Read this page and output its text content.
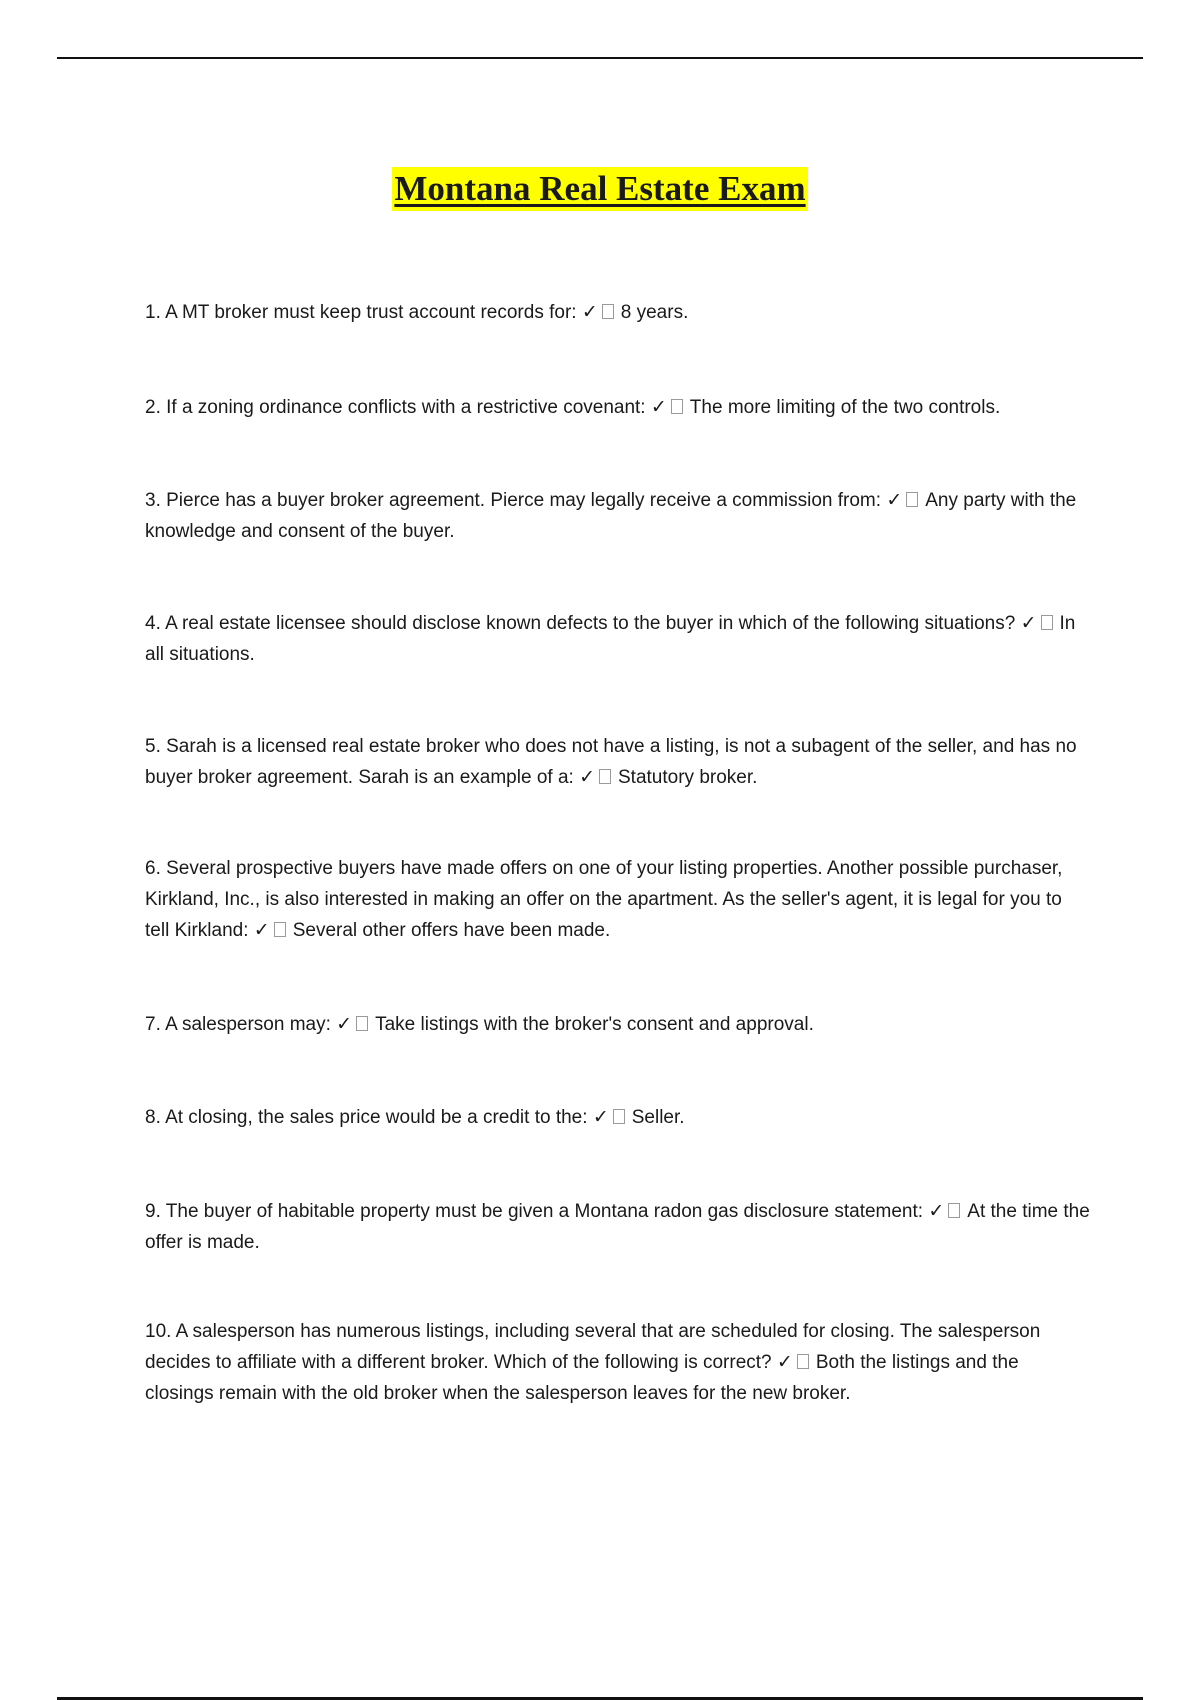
Montana Real Estate Exam

1. A MT broker must keep trust account records for: ✓ 8 years.

2. If a zoning ordinance conflicts with a restrictive covenant: ✓ The more limiting of the two controls.

3. Pierce has a buyer broker agreement. Pierce may legally receive a commission from: ✓ Any party with the knowledge and consent of the buyer.

4. A real estate licensee should disclose known defects to the buyer in which of the following situations? ✓ In all situations.

5. Sarah is a licensed real estate broker who does not have a listing, is not a subagent of the seller, and has no buyer broker agreement. Sarah is an example of a: ✓ Statutory broker.

6. Several prospective buyers have made offers on one of your listing properties. Another possible purchaser, Kirkland, Inc., is also interested in making an offer on the apartment. As the seller's agent, it is legal for you to tell Kirkland: ✓ Several other offers have been made.

7. A salesperson may: ✓ Take listings with the broker's consent and approval.

8. At closing, the sales price would be a credit to the: ✓ Seller.

9. The buyer of habitable property must be given a Montana radon gas disclosure statement: ✓ At the time the offer is made.

10. A salesperson has numerous listings, including several that are scheduled for closing. The salesperson decides to affiliate with a different broker. Which of the following is correct? ✓ Both the listings and the closings remain with the old broker when the salesperson leaves for the new broker.
